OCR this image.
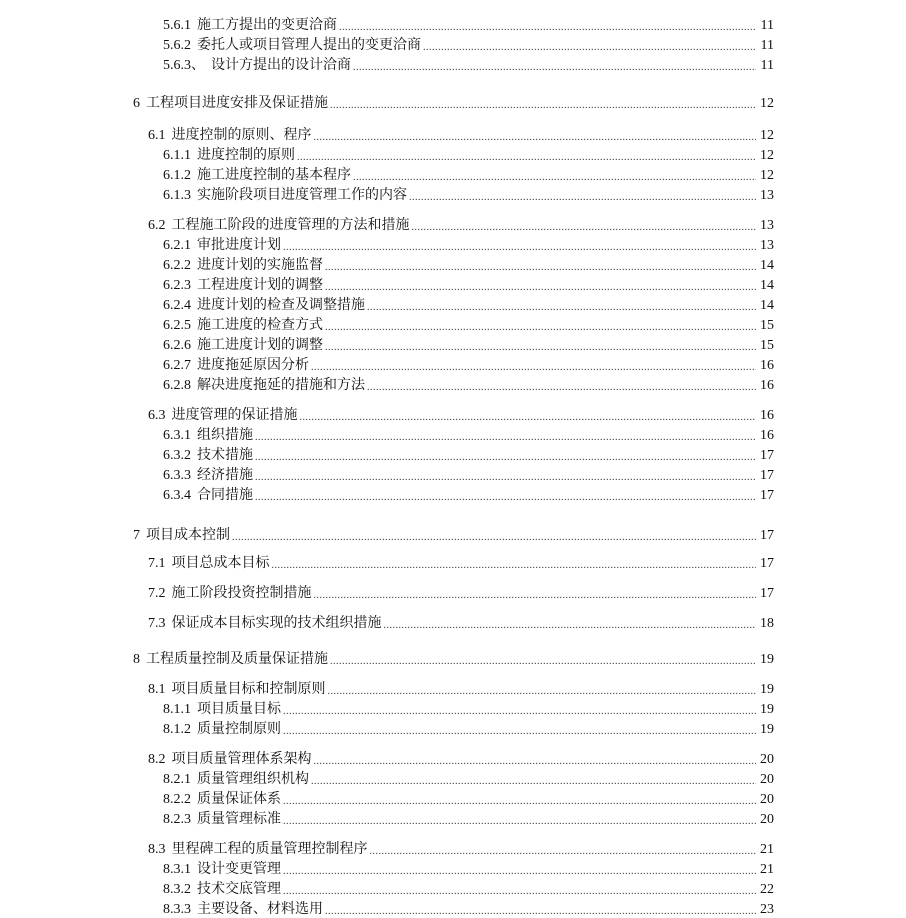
5.6.1 施工方提出的变更洽商 .....	11
5.6.2 委托人或项目管理人提出的变更洽商 .....	11
5.6.3、 设计方提出的设计洽商 .....	11
6 工程项目进度安排及保证措施 .....	12
6.1 进度控制的原则、程序 .....	12
6.1.1 进度控制的原则 .....	12
6.1.2 施工进度控制的基本程序 .....	12
6.1.3 实施阶段项目进度管理工作的内容 .....	13
6.2 工程施工阶段的进度管理的方法和措施 .....	13
6.2.1 审批进度计划 .....	13
6.2.2 进度计划的实施监督 .....	14
6.2.3 工程进度计划的调整 .....	14
6.2.4 进度计划的检查及调整措施 .....	14
6.2.5 施工进度的检查方式 .....	15
6.2.6 施工进度计划的调整 .....	15
6.2.7 进度拖延原因分析 .....	16
6.2.8 解决进度拖延的措施和方法 .....	16
6.3 进度管理的保证措施 .....	16
6.3.1 组织措施 .....	16
6.3.2 技术措施 .....	17
6.3.3 经济措施 .....	17
6.3.4 合同措施 .....	17
7 项目成本控制 .....	17
7.1 项目总成本目标 .....	17
7.2 施工阶段投资控制措施 .....	17
7.3 保证成本目标实现的技术组织措施 .....	18
8 工程质量控制及质量保证措施 .....	19
8.1 项目质量目标和控制原则 .....	19
8.1.1 项目质量目标 .....	19
8.1.2 质量控制原则 .....	19
8.2 项目质量管理体系架构 .....	20
8.2.1 质量管理组织机构 .....	20
8.2.2 质量保证体系 .....	20
8.2.3 质量管理标准 .....	20
8.3 里程碑工程的质量管理控制程序 .....	21
8.3.1 设计变更管理 .....	21
8.3.2 技术交底管理 .....	22
8.3.3 主要设备、材料选用 .....	23
